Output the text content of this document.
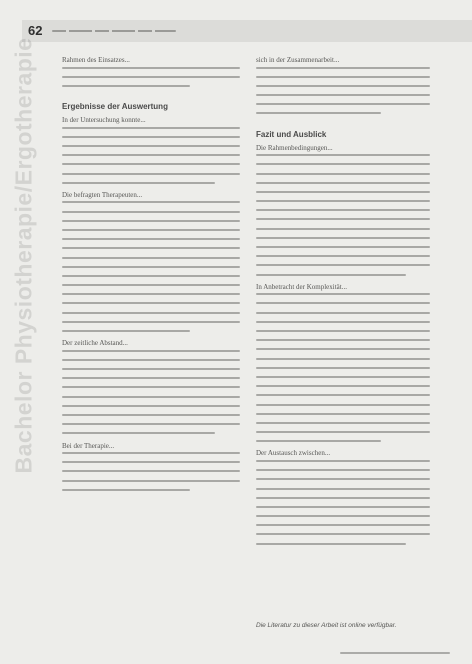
62
Bachelor Physiotherapie/Ergotherapie	Rahmen des Einsatzes...
Ergebnisse der Auswertung
In der Untersuchung konnte...
Die befragten Therapeuten...
Der zeitliche Abstand...
Bei der Therapie...
sich in der Zusammenarbeit...
Fazit und Ausblick
Die Rahmenbedingungen...
In Anbetracht der Komplexität...
Der Austausch zwischen...
Die Literatur zu dieser Arbeit ist online verfügbar.
